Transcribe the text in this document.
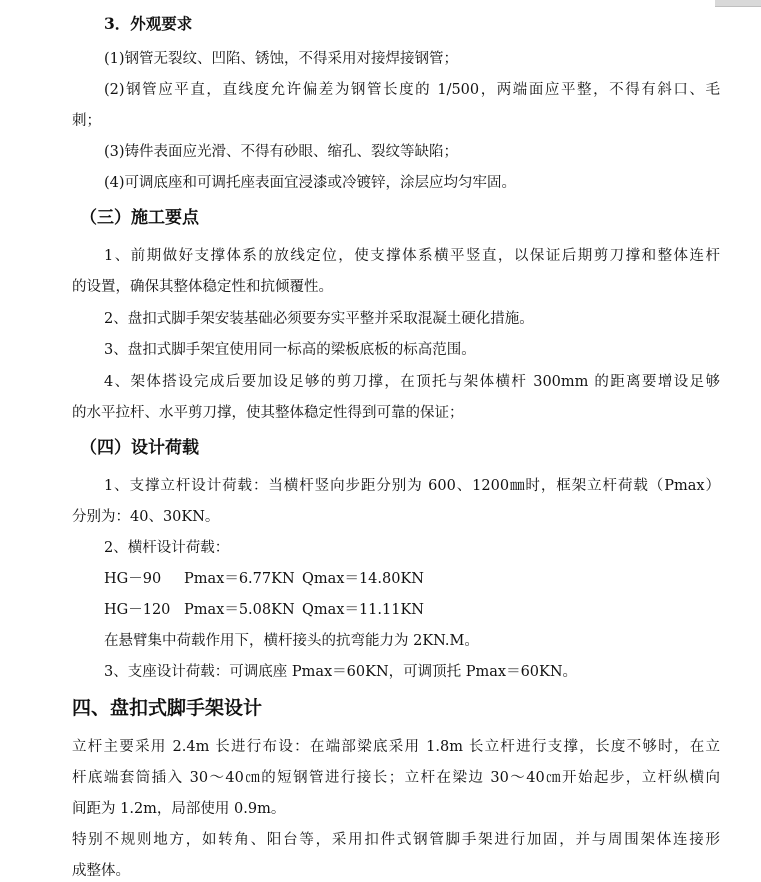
3．外观要求
(1)钢管无裂纹、凹陷、锈蚀，不得采用对接焊接钢管；
(2)钢管应平直，直线度允许偏差为钢管长度的 1/500，两端面应平整，不得有斜口、毛
刺；
(3)铸件表面应光滑、不得有砂眼、缩孔、裂纹等缺陷；
(4)可调底座和可调托座表面宜浸漆或冷镀锌，涂层应均匀牢固。
（三）施工要点
1、前期做好支撑体系的放线定位，使支撑体系横平竖直，以保证后期剪刀撑和整体连杆
的设置，确保其整体稳定性和抗倾覆性。
2、盘扣式脚手架安装基础必须要夯实平整并采取混凝土硬化措施。
3、盘扣式脚手架宜使用同一标高的梁板底板的标高范围。
4、架体搭设完成后要加设足够的剪刀撑，在顶托与架体横杆 300mm 的距离要增设足够
的水平拉杆、水平剪刀撑，使其整体稳定性得到可靠的保证；
（四）设计荷载
1、支撑立杆设计荷载：当横杆竖向步距分别为 600、1200㎜时，框架立杆荷载（Pmax）
分别为：40、30KN。
2、横杆设计荷载：
HG－90 Pmax＝6.77KN Qmax＝14.80KN
HG－120 Pmax＝5.08KN Qmax＝11.11KN
在悬臂集中荷载作用下，横杆接头的抗弯能力为 2KN.M。
3、支座设计荷载：可调底座 Pmax＝60KN，可调顶托 Pmax＝60KN。
四、盘扣式脚手架设计
立杆主要采用 2.4m 长进行布设：在端部梁底采用 1.8m 长立杆进行支撑，长度不够时，在立
杆底端套筒插入 30～40㎝的短钢管进行接长；立杆在梁边 30～40㎝开始起步，立杆纵横向
间距为 1.2m，局部使用 0.9m。
特别不规则地方，如转角、阳台等，采用扣件式钢管脚手架进行加固，并与周围架体连接形
成整体。
